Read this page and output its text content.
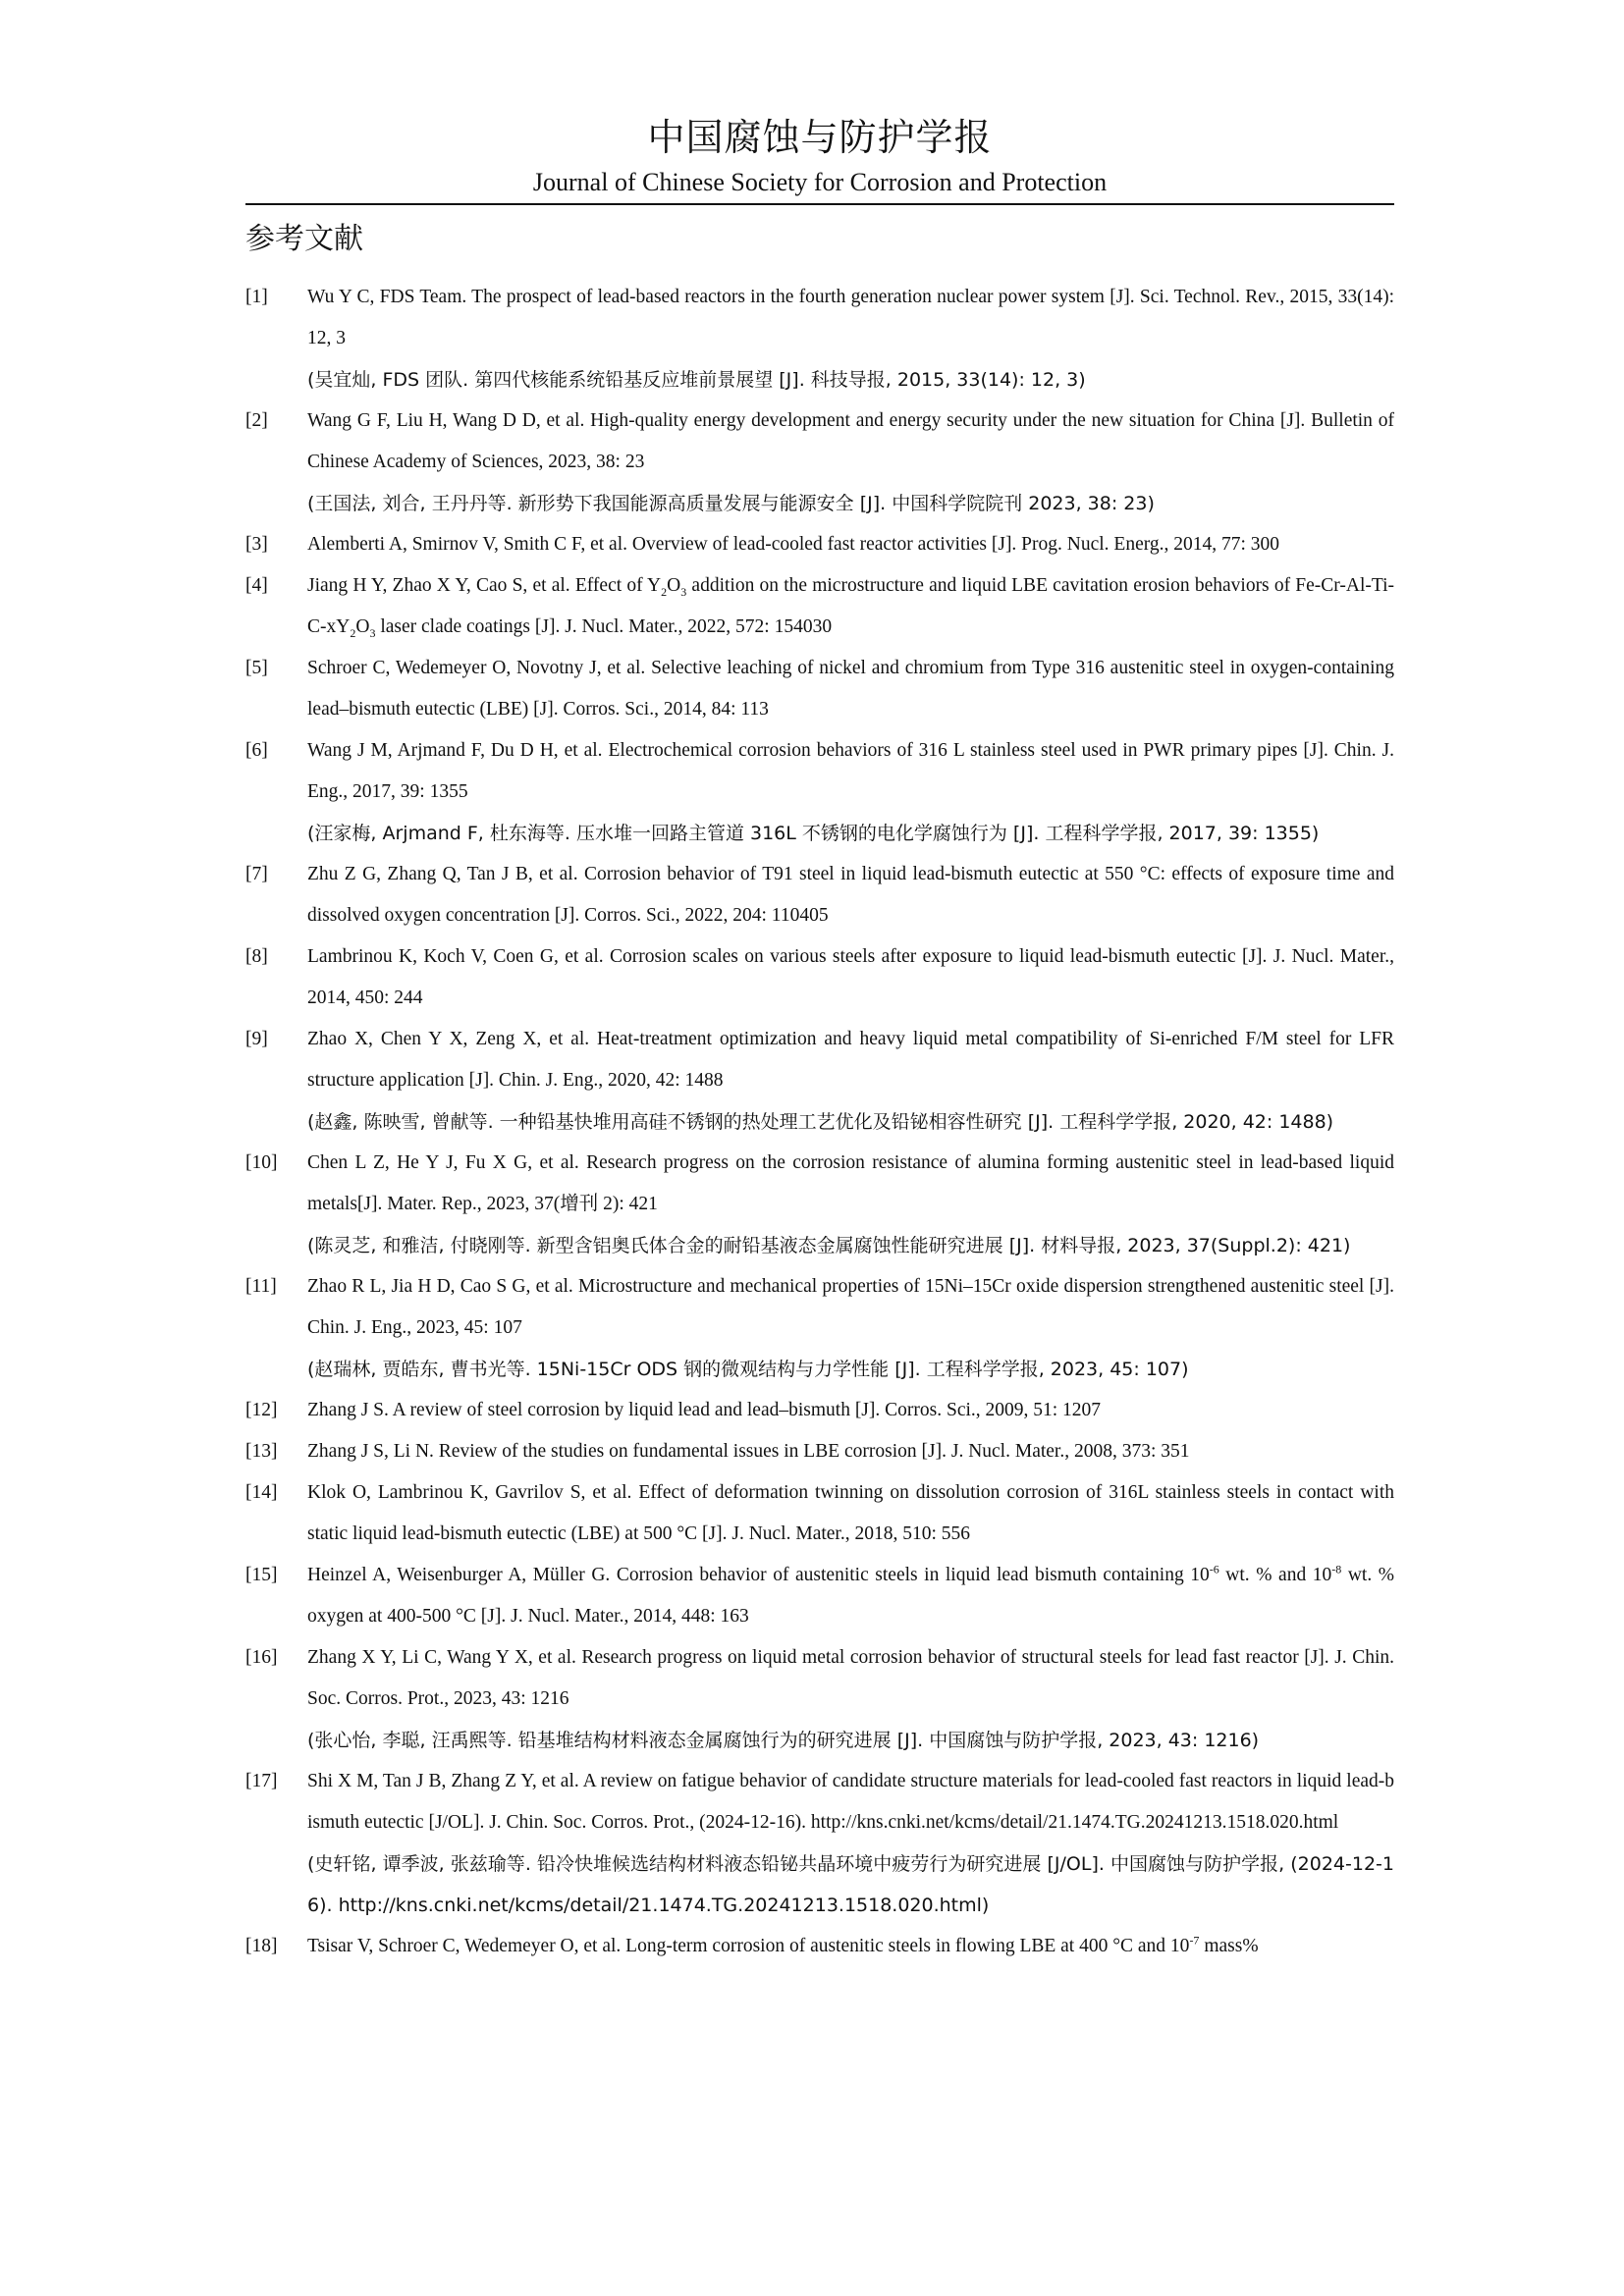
中国腐蚀与防护学报
Journal of Chinese Society for Corrosion and Protection
参考文献
[1] Wu Y C, FDS Team. The prospect of lead-based reactors in the fourth generation nuclear power system [J]. Sci. Technol. Rev., 2015, 33(14): 12, 3
(吴宜灿, FDS 团队. 第四代核能系统铅基反应堆前景展望 [J]. 科技导报, 2015, 33(14): 12, 3)
[2] Wang G F, Liu H, Wang D D, et al. High-quality energy development and energy security under the new situation for China [J]. Bulletin of Chinese Academy of Sciences, 2023, 38: 23
(王国法, 刘合, 王丹丹等. 新形势下我国能源高质量发展与能源安全 [J]. 中国科学院院刊 2023, 38: 23)
[3] Alemberti A, Smirnov V, Smith C F, et al. Overview of lead-cooled fast reactor activities [J]. Prog. Nucl. Energ., 2014, 77: 300
[4] Jiang H Y, Zhao X Y, Cao S, et al. Effect of $Y_2O_3$ addition on the microstructure and liquid LBE cavitation erosion behaviors of $Fe-Cr-Al-Ti-C-xY_2O_3$ laser clade coatings [J]. J. Nucl. Mater., 2022, 572: 154030
[5] Schroer C, Wedemeyer O, Novotny J, et al. Selective leaching of nickel and chromium from Type 316 austenitic steel in oxygen-containing lead–bismuth eutectic (LBE) [J]. Corros. Sci., 2014, 84: 113
[6] Wang J M, Arjmand F, Du D H, et al. Electrochemical corrosion behaviors of 316 L stainless steel used in PWR primary pipes [J]. Chin. J. Eng., 2017, 39: 1355
(汪家梅, Arjmand F, 杜东海等. 压水堆一回路主管道 316L 不锈钢的电化学腐蚀行为 [J]. 工程科学学报, 2017, 39: 1355)
[7] Zhu Z G, Zhang Q, Tan J B, et al. Corrosion behavior of T91 steel in liquid lead-bismuth eutectic at 550 °C: effects of exposure time and dissolved oxygen concentration [J]. Corros. Sci., 2022, 204: 110405
[8] Lambrinou K, Koch V, Coen G, et al. Corrosion scales on various steels after exposure to liquid lead-bismuth eutectic [J]. J. Nucl. Mater., 2014, 450: 244
[9] Zhao X, Chen Y X, Zeng X, et al. Heat-treatment optimization and heavy liquid metal compatibility of Si-enriched F/M steel for LFR structure application [J]. Chin. J. Eng., 2020, 42: 1488
(赵鑫, 陈映雪, 曾献等. 一种铅基快堆用高硅不锈钢的热处理工艺优化及铅铋相容性研究 [J]. 工程科学学报, 2020, 42: 1488)
[10] Chen L Z, He Y J, Fu X G, et al. Research progress on the corrosion resistance of alumina forming austenitic steel in lead-based liquid metals[J]. Mater. Rep., 2023, 37(增刊 2): 421
(陈灵芝, 和雅洁, 付晓刚等. 新型含铝奥氏体合金的耐铅基液态金属腐蚀性能研究进展 [J]. 材料导报, 2023, 37(Suppl.2): 421)
[11] Zhao R L, Jia H D, Cao S G, et al. Microstructure and mechanical properties of 15Ni–15Cr oxide dispersion strengthened austenitic steel [J]. Chin. J. Eng., 2023, 45: 107
(赵瑞林, 贾皓东, 曹书光等. 15Ni-15Cr ODS 钢的微观结构与力学性能 [J]. 工程科学学报, 2023, 45: 107)
[12] Zhang J S. A review of steel corrosion by liquid lead and lead–bismuth [J]. Corros. Sci., 2009, 51: 1207
[13] Zhang J S, Li N. Review of the studies on fundamental issues in LBE corrosion [J]. J. Nucl. Mater., 2008, 373: 351
[14] Klok O, Lambrinou K, Gavrilov S, et al. Effect of deformation twinning on dissolution corrosion of 316L stainless steels in contact with static liquid lead-bismuth eutectic (LBE) at 500 °C [J]. J. Nucl. Mater., 2018, 510: 556
[15] Heinzel A, Weisenburger A, Müller G. Corrosion behavior of austenitic steels in liquid lead bismuth containing $10^{-6}$ wt. % and $10^{-8}$ wt. % oxygen at 400-500 °C [J]. J. Nucl. Mater., 2014, 448: 163
[16] Zhang X Y, Li C, Wang Y X, et al. Research progress on liquid metal corrosion behavior of structural steels for lead fast reactor [J]. J. Chin. Soc. Corros. Prot., 2023, 43: 1216
(张心怡, 李聪, 汪禹熙等. 铅基堆结构材料液态金属腐蚀行为的研究进展 [J]. 中国腐蚀与防护学报, 2023, 43: 1216)
[17] Shi X M, Tan J B, Zhang Z Y, et al. A review on fatigue behavior of candidate structure materials for lead-cooled fast reactors in liquid lead-bismuth eutectic [J/OL]. J. Chin. Soc. Corros. Prot., (2024-12-16). http://kns.cnki.net/kcms/detail/21.1474.TG.20241213.1518.020.html
(史轩铭, 谭季波, 张兹瑜等. 铅冷快堆候选结构材料液态铅铋共晶环境中疲劳行为研究进展 [J/OL]. 中国腐蚀与防护学报, (2024-12-16). http://kns.cnki.net/kcms/detail/21.1474.TG.20241213.1518.020.html)
[18] Tsisar V, Schroer C, Wedemeyer O, et al. Long-term corrosion of austenitic steels in flowing LBE at 400 °C and $10^{-7}$ mass%
